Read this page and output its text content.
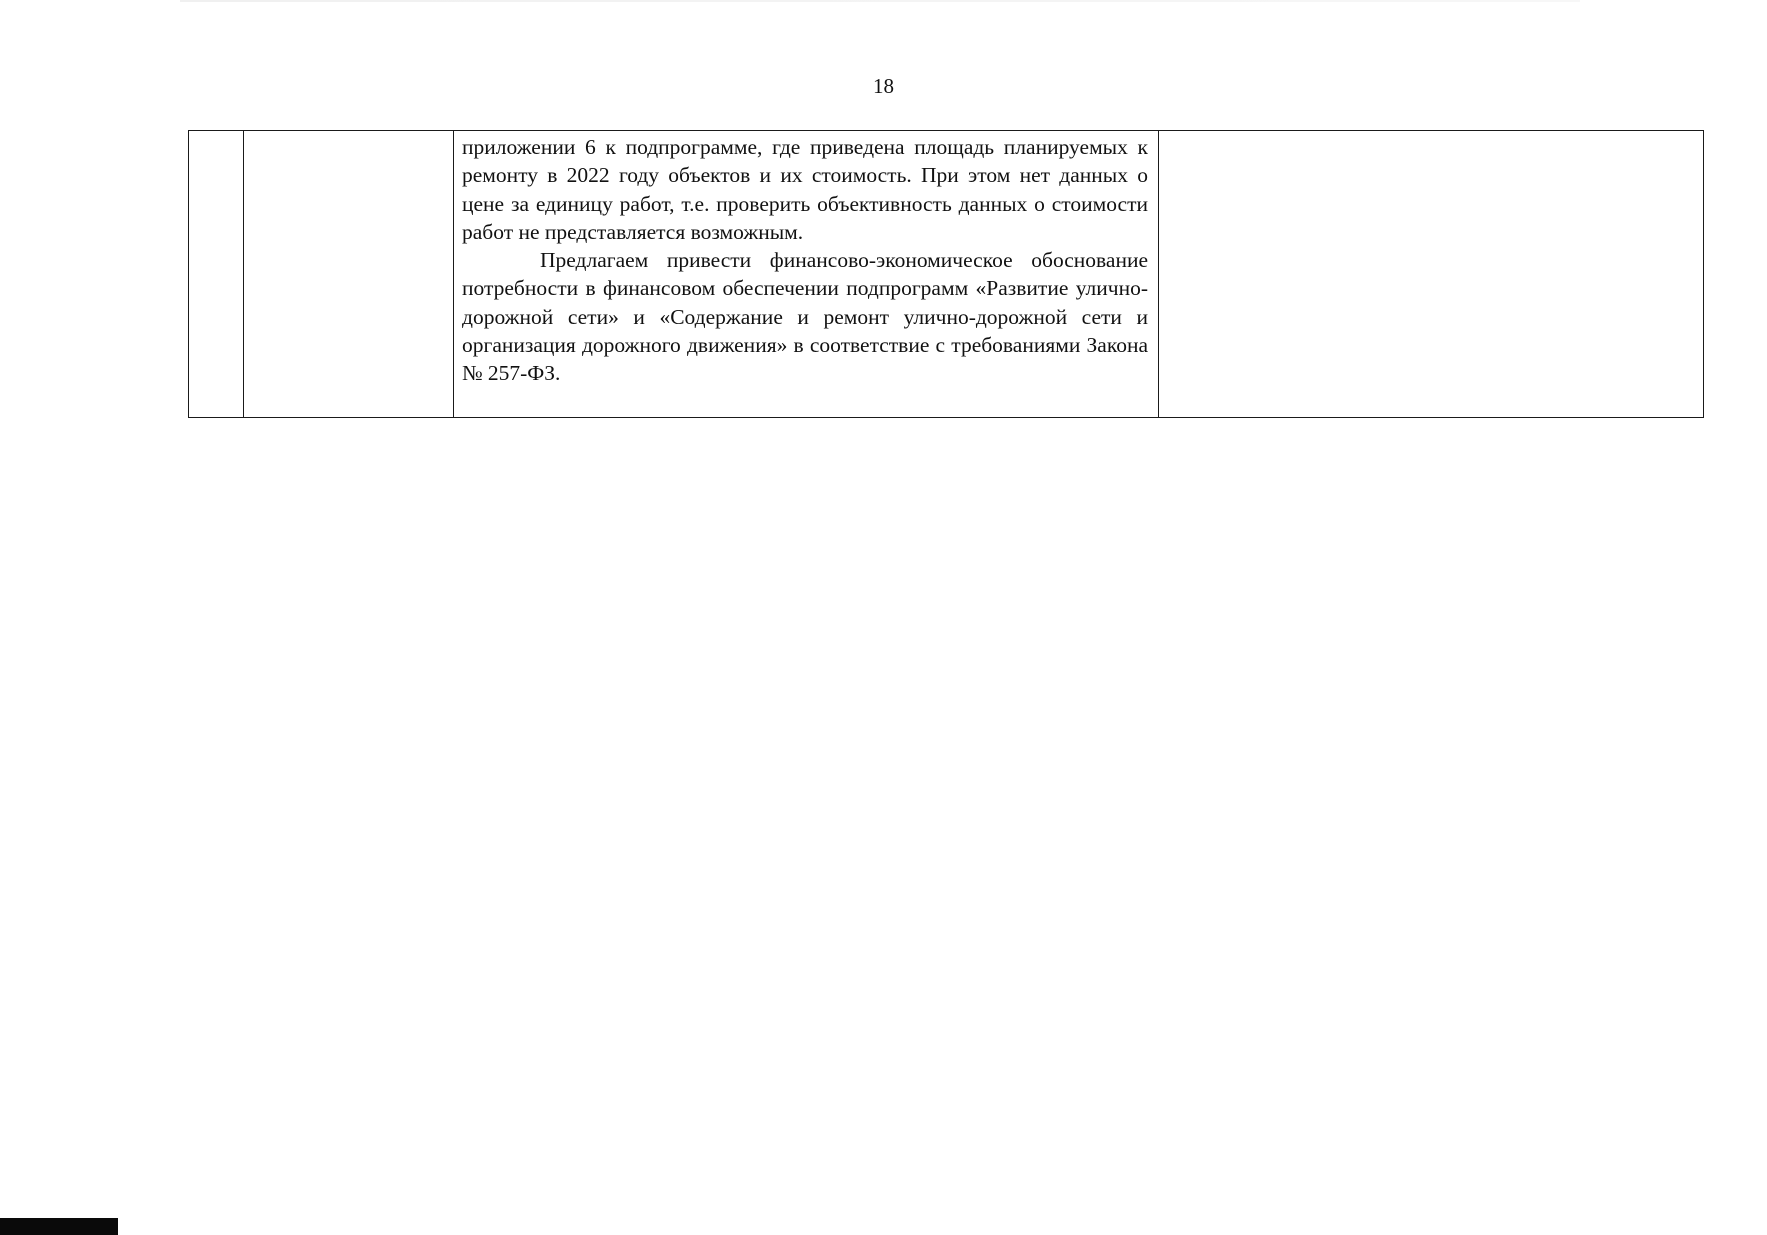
18

приложении 6 к подпрограмме, где приведена площадь планируемых к ремонту в 2022 году объектов и их стоимость. При этом нет данных о цене за единицу работ, т.е. проверить объективность данных о стоимости работ не представляется возможным.

Предлагаем привести финансово-экономическое обоснование потребности в финансовом обеспечении подпрограмм «Развитие улично-дорожной сети» и «Содержание и ремонт улично-дорожной сети и организация дорожного движения» в соответствие с требованиями Закона № 257-ФЗ.
